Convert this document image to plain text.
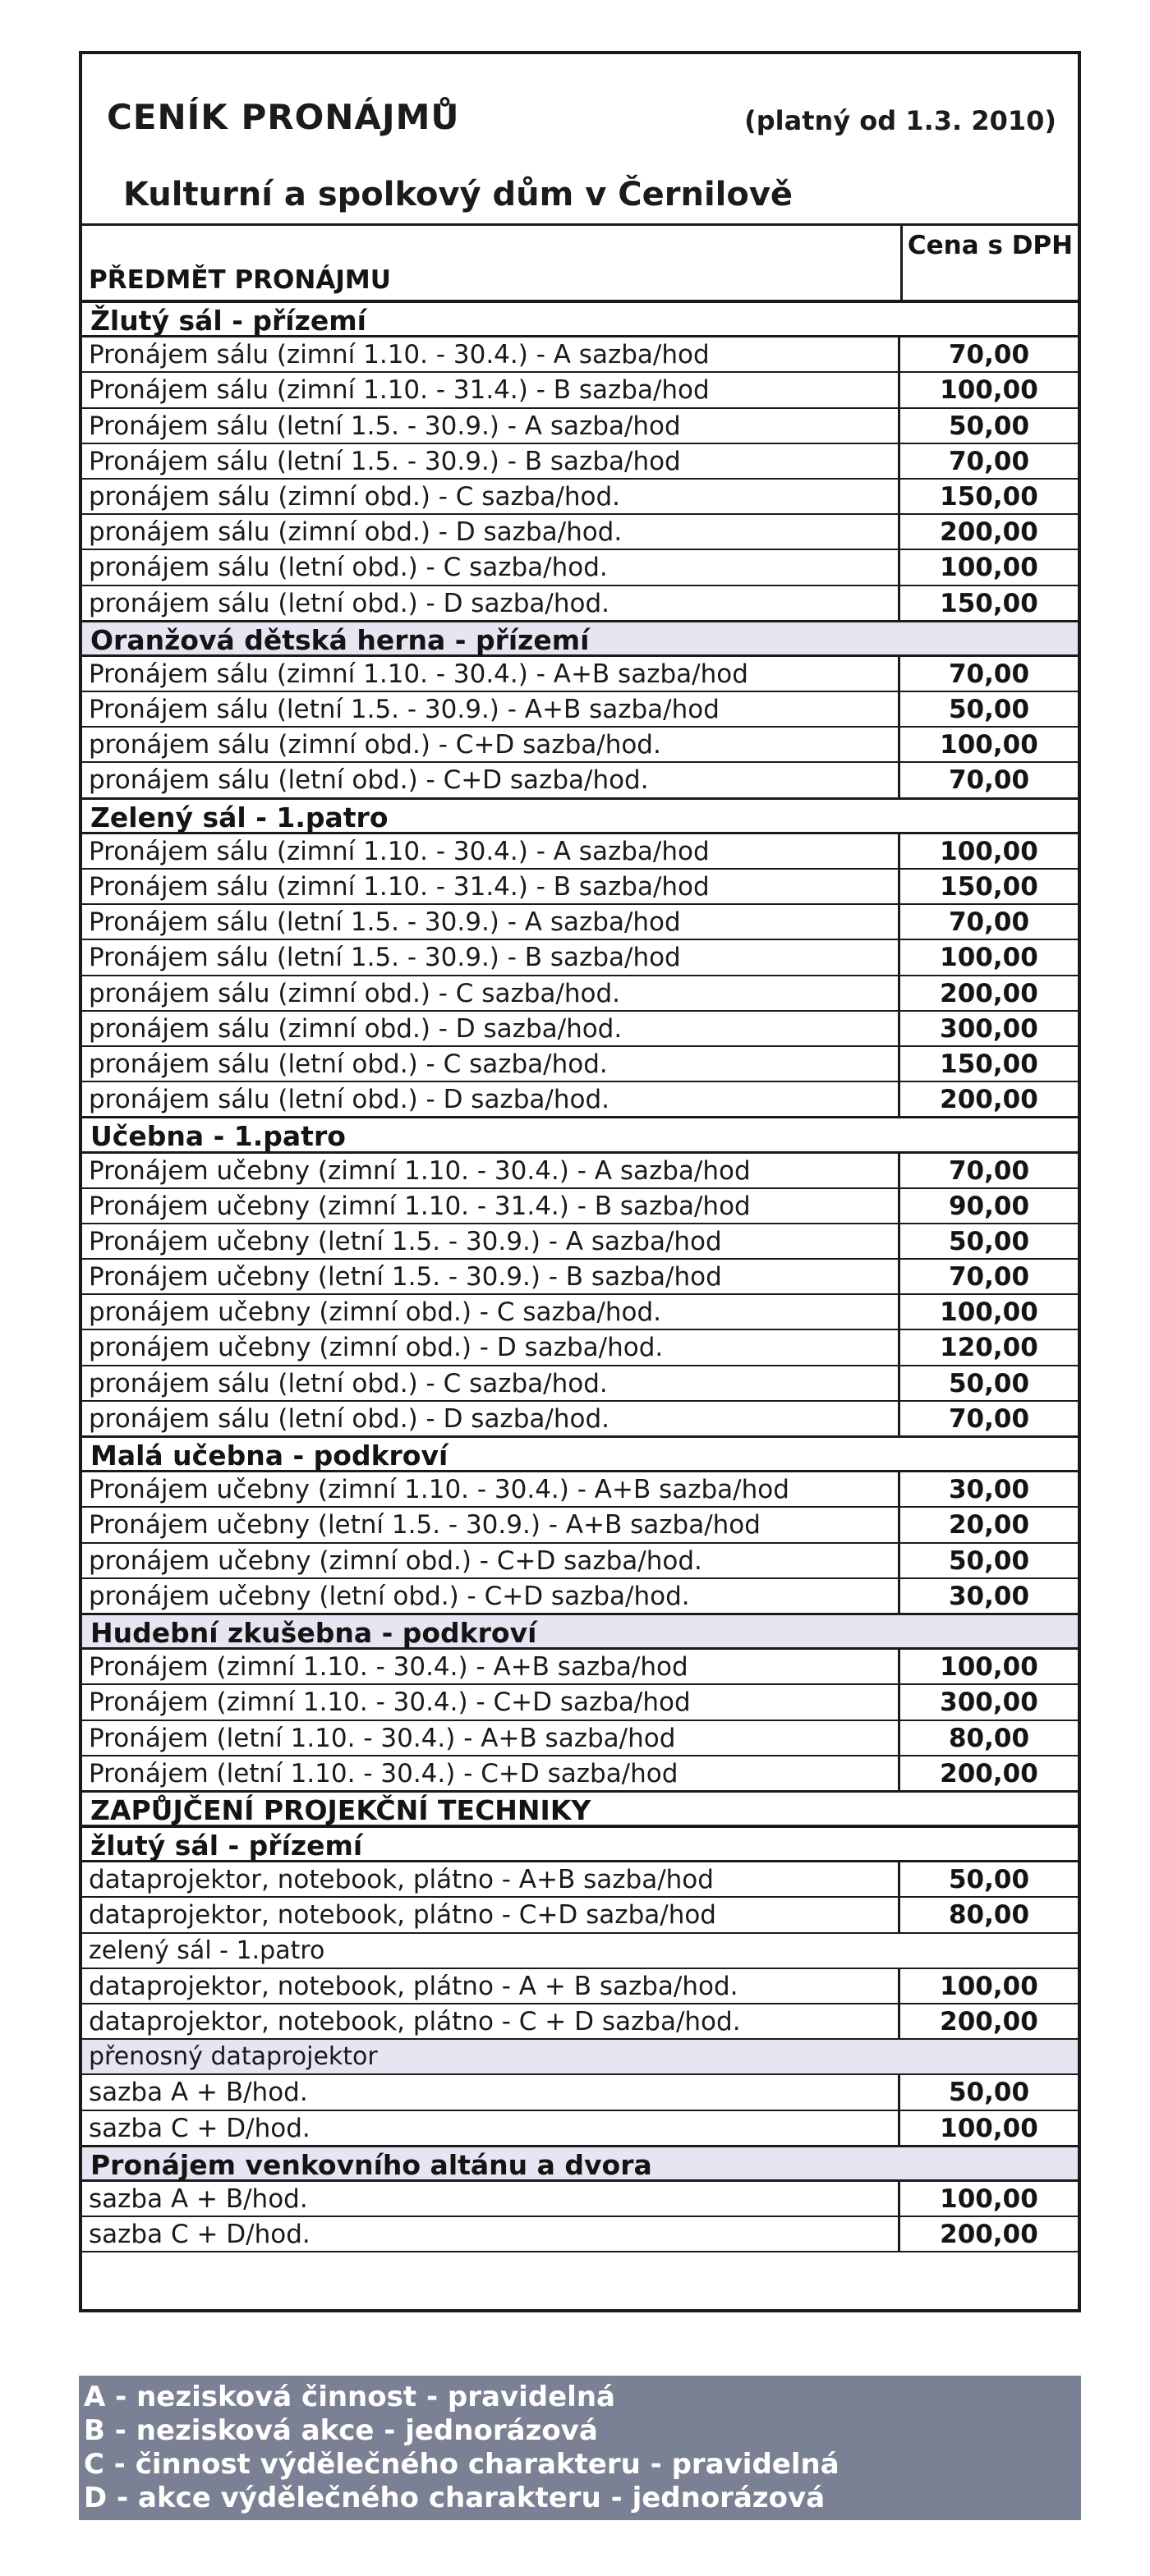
CENÍK PRONÁJMŮ	(platný od 1.3. 2010)
Kulturní a spolkový dům v Černilově
PŘEDMĚT PRONÁJMU
Cena s DPH
Žlutý sál - přízemí
Pronájem sálu (zimní 1.10. - 30.4.) - A sazba/hod	70,00
Pronájem sálu (zimní 1.10. - 31.4.) - B sazba/hod	100,00
Pronájem sálu (letní 1.5. - 30.9.) - A sazba/hod	50,00
Pronájem sálu (letní 1.5. - 30.9.) - B sazba/hod	70,00
pronájem sálu (zimní obd.) - C sazba/hod.	150,00
pronájem sálu (zimní obd.) - D sazba/hod.	200,00
pronájem sálu (letní obd.) - C sazba/hod.	100,00
pronájem sálu (letní obd.) - D sazba/hod.	150,00
Oranžová dětská herna - přízemí
Pronájem sálu (zimní 1.10. - 30.4.) - A+B sazba/hod	70,00
Pronájem sálu (letní 1.5. - 30.9.) - A+B sazba/hod	50,00
pronájem sálu (zimní obd.) - C+D sazba/hod.	100,00
pronájem sálu (letní obd.) - C+D sazba/hod.	70,00
Zelený sál - 1.patro
Pronájem sálu (zimní 1.10. - 30.4.) - A sazba/hod	100,00
Pronájem sálu (zimní 1.10. - 31.4.) - B sazba/hod	150,00
Pronájem sálu (letní 1.5. - 30.9.) - A sazba/hod	70,00
Pronájem sálu (letní 1.5. - 30.9.) - B sazba/hod	100,00
pronájem sálu (zimní obd.) - C sazba/hod.	200,00
pronájem sálu (zimní obd.) - D sazba/hod.	300,00
pronájem sálu (letní obd.) - C sazba/hod.	150,00
pronájem sálu (letní obd.) - D sazba/hod.	200,00
Učebna - 1.patro
Pronájem učebny (zimní 1.10. - 30.4.) - A sazba/hod	70,00
Pronájem učebny (zimní 1.10. - 31.4.) - B sazba/hod	90,00
Pronájem učebny (letní 1.5. - 30.9.) - A sazba/hod	50,00
Pronájem učebny (letní 1.5. - 30.9.) - B sazba/hod	70,00
pronájem učebny (zimní obd.) - C sazba/hod.	100,00
pronájem učebny (zimní obd.) - D sazba/hod.	120,00
pronájem sálu (letní obd.) - C sazba/hod.	50,00
pronájem sálu (letní obd.) - D sazba/hod.	70,00
Malá učebna - podkroví
Pronájem učebny (zimní 1.10. - 30.4.) - A+B sazba/hod	30,00
Pronájem učebny (letní 1.5. - 30.9.) - A+B sazba/hod	20,00
pronájem učebny (zimní obd.) - C+D sazba/hod.	50,00
pronájem učebny (letní obd.) - C+D sazba/hod.	30,00
Hudební zkušebna - podkroví
Pronájem (zimní 1.10. - 30.4.) - A+B sazba/hod	100,00
Pronájem (zimní 1.10. - 30.4.) - C+D sazba/hod	300,00
Pronájem (letní 1.10. - 30.4.) - A+B sazba/hod	80,00
Pronájem (letní 1.10. - 30.4.) - C+D sazba/hod	200,00
ZAPŮJČENÍ PROJEKČNÍ TECHNIKY
žlutý sál - přízemí
dataprojektor, notebook, plátno - A+B sazba/hod	50,00
dataprojektor, notebook, plátno - C+D sazba/hod	80,00
zelený sál - 1.patro
dataprojektor, notebook, plátno - A + B sazba/hod.	100,00
dataprojektor, notebook, plátno - C + D sazba/hod.	200,00
přenosný dataprojektor
sazba A + B/hod.	50,00
sazba C + D/hod.	100,00
Pronájem venkovního altánu a dvora
sazba A + B/hod.	100,00
sazba C + D/hod.	200,00
A - nezisková činnost - pravidelná
B - nezisková akce - jednorázová
C - činnost výdělečného charakteru - pravidelná
D - akce výdělečného charakteru - jednorázová
